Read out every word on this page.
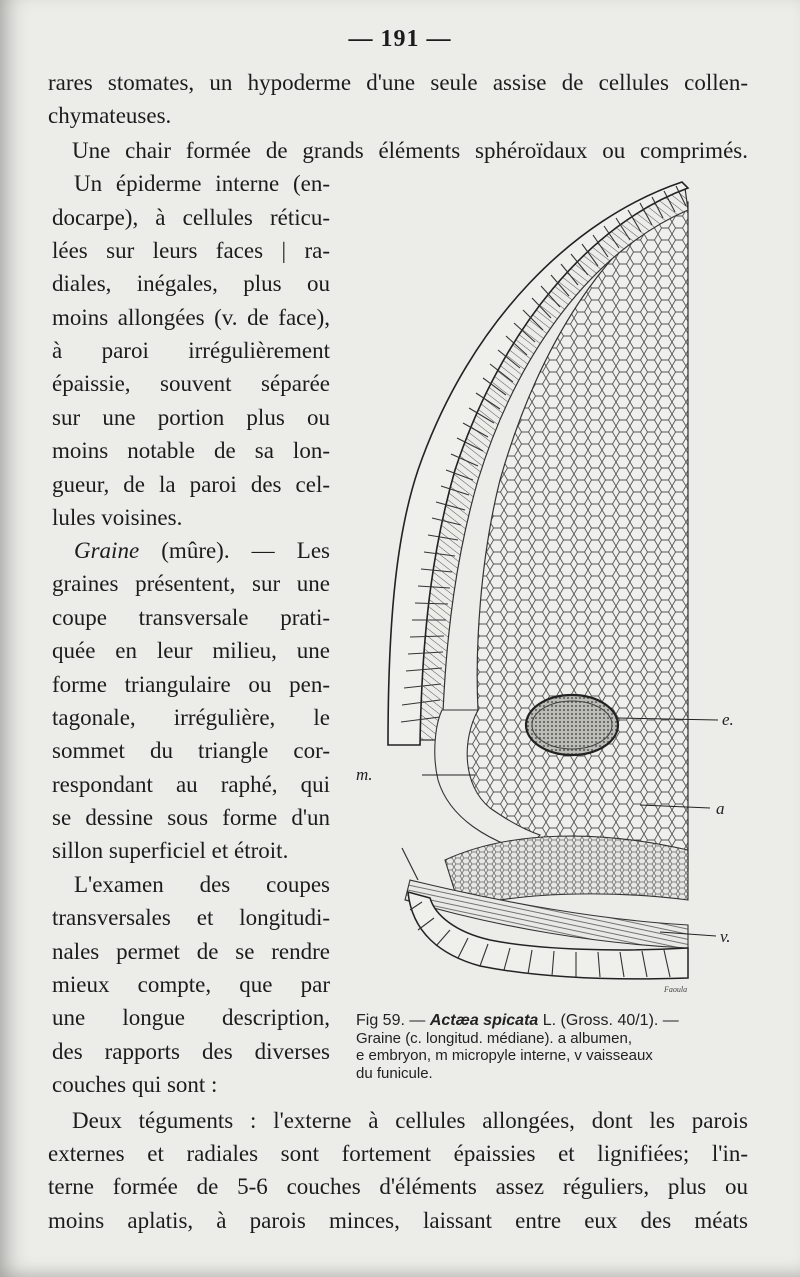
— 191 —
rares stomates, un hypoderme d'une seule assise de cellules collen-
chymateuses.
Une chair formée de grands éléments sphéroïdaux ou comprimés.
Un épiderme interne (en-
docarpe), à cellules réticu-
lées sur leurs faces | ra-
diales, inégales, plus ou
moins allongées (v. de face),
à paroi irrégulièrement
épaissie, souvent séparée
sur une portion plus ou
moins notable de sa lon-
gueur, de la paroi des cel-
lules voisines.
Graine (mûre). — Les
graines présentent, sur une
coupe transversale prati-
quée en leur milieu, une
forme triangulaire ou pen-
tagonale, irrégulière, le
sommet du triangle cor-
respondant au raphé, qui
se dessine sous forme d'un
sillon superficiel et étroit.
L'examen des coupes
transversales et longitudi-
nales permet de se rendre
mieux compte, que par
une longue description,
des rapports des diverses
couches qui sont :
e.
m.
a
v.
Faoula
Fig 59. — Actæa spicata L. (Gross. 40/1). —
Graine (c. longitud. médiane). a albumen,
e embryon, m micropyle interne, v vaisseaux
du funicule.
Deux téguments : l'externe à cellules allongées, dont les parois
externes et radiales sont fortement épaissies et lignifiées; l'in-
terne formée de 5-6 couches d'éléments assez réguliers, plus ou
moins aplatis, à parois minces, laissant entre eux des méats
